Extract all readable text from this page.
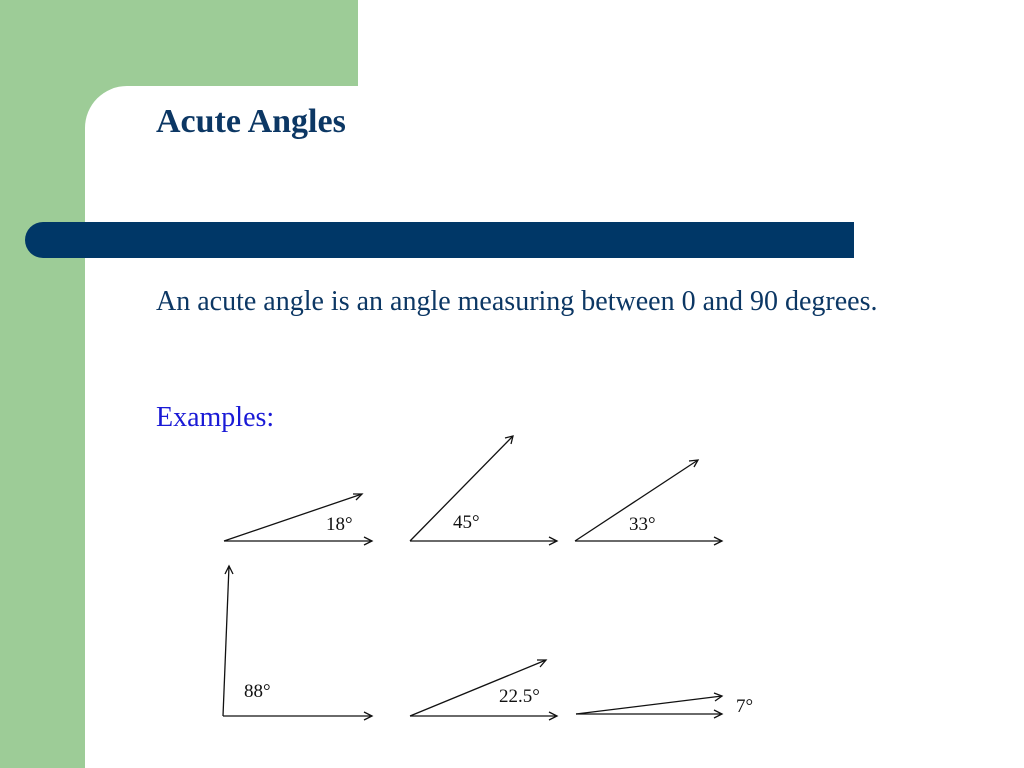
Acute Angles
An acute angle is an angle measuring between 0 and 90 degrees.
Examples:
18°	45°	33°
88°	22.5°	7°
